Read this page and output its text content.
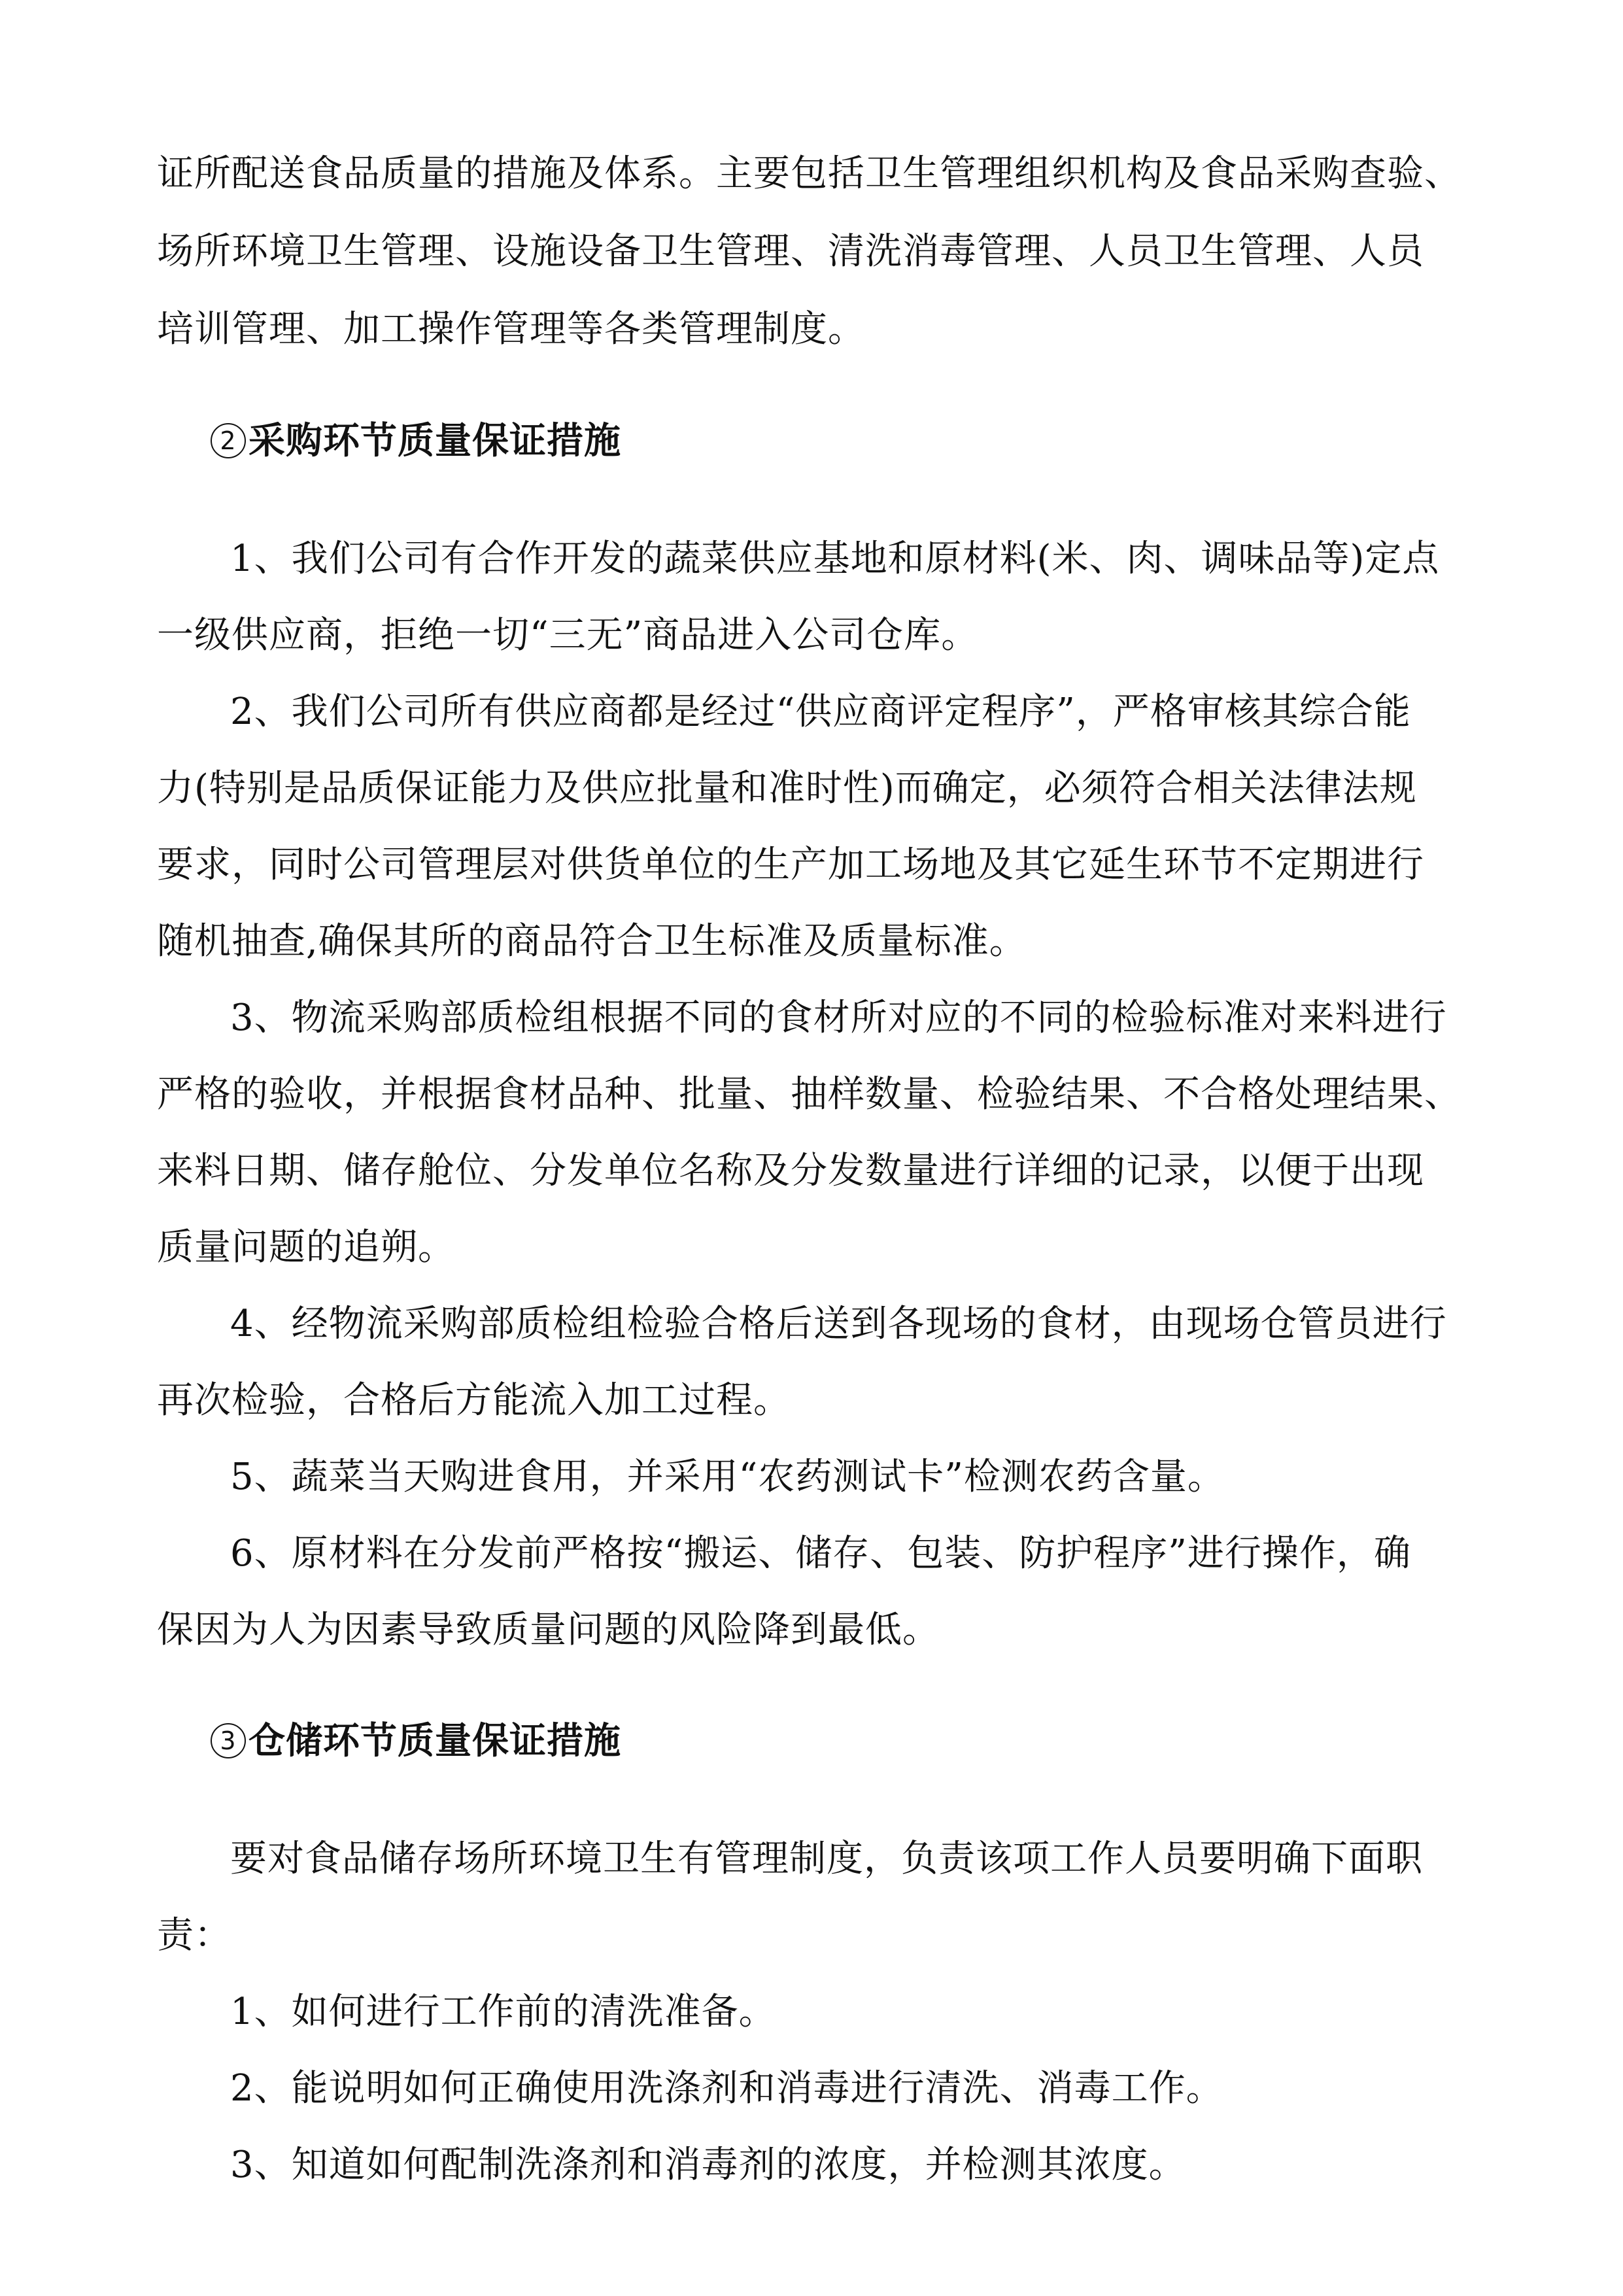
证所配送食品质量的措施及体系。主要包括卫生管理组织机构及食品采购查验、
场所环境卫生管理、设施设备卫生管理、清洗消毒管理、人员卫生管理、人员
培训管理、加工操作管理等各类管理制度。
2 采购环节质量保证措施
1、我们公司有合作开发的蔬菜供应基地和原材料(米、肉、调味品等)定点
一级供应商，拒绝一切“三无”商品进入公司仓库。
2、我们公司所有供应商都是经过“供应商评定程序”，严格审核其综合能
力(特别是品质保证能力及供应批量和准时性)而确定，必须符合相关法律法规
要求，同时公司管理层对供货单位的生产加工场地及其它延生环节不定期进行
随机抽查,确保其所的商品符合卫生标准及质量标准。
3、物流采购部质检组根据不同的食材所对应的不同的检验标准对来料进行
严格的验收，并根据食材品种、批量、抽样数量、检验结果、不合格处理结果、
来料日期、储存舱位、分发单位名称及分发数量进行详细的记录，以便于出现
质量问题的追朔。
4、经物流采购部质检组检验合格后送到各现场的食材，由现场仓管员进行
再次检验，合格后方能流入加工过程。
5、蔬菜当天购进食用，并采用“农药测试卡”检测农药含量。
6、原材料在分发前严格按“搬运、储存、包装、防护程序”进行操作，确
保因为人为因素导致质量问题的风险降到最低。
3 仓储环节质量保证措施
要对食品储存场所环境卫生有管理制度，负责该项工作人员要明确下面职
责：
1、如何进行工作前的清洗准备。
2、能说明如何正确使用洗涤剂和消毒进行清洗、消毒工作。
3、知道如何配制洗涤剂和消毒剂的浓度，并检测其浓度。
